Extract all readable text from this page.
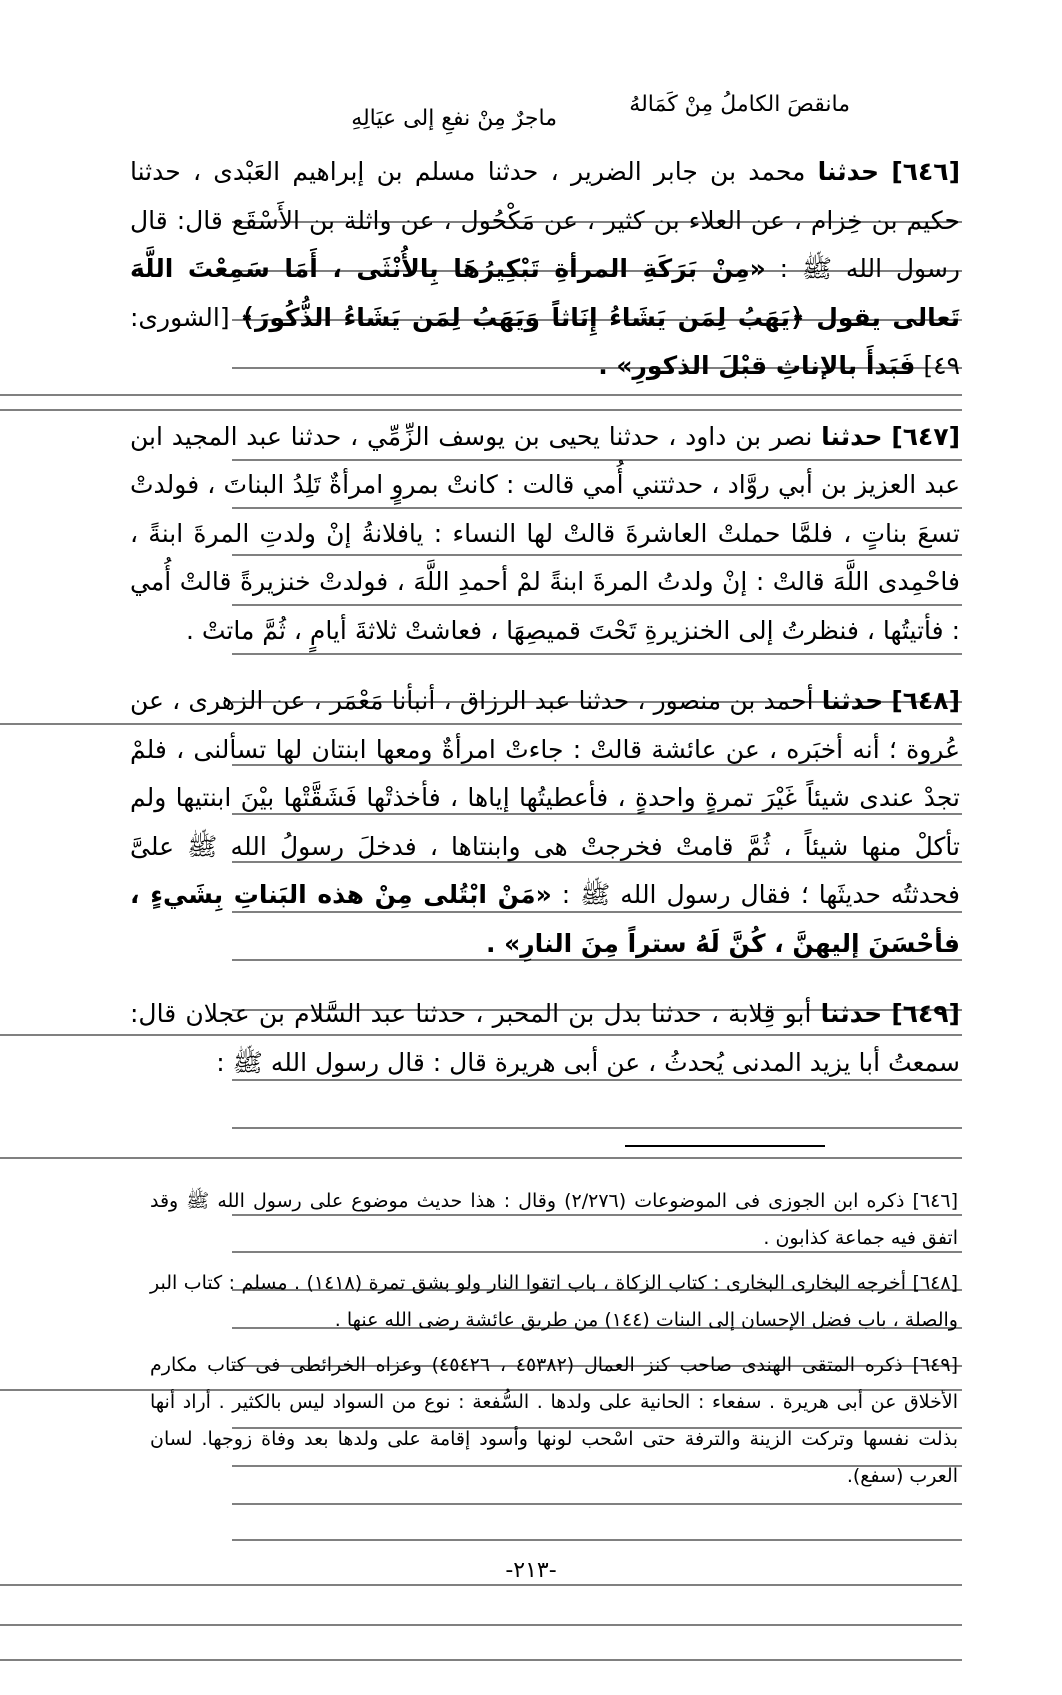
مانقصَ الكاملُ مِنْ كَمَالهُ
ماجرٌ مِنْ نفعِ إلى عيَالِهِ

[٦٤٦] حدثنا محمد بن جابر الضرير ، حدثنا مسلم بن إبراهيم العَبْدى ، حدثنا حكيم بن خِزام ، عن العلاء بن كثير ، عن مَكْحُول ، عن واثلة بن الأَسْقَع قال: قال رسول الله ﷺ : «مِنْ بَرَكَةِ المرأةِ تَبْكِيرُهَا بِالأُنْثَى ، أَمَا سَمِعْتَ اللَّهَ تَعالى يقول ﴿يَهَبُ لِمَن يَشَاءُ إِنَاثاً وَيَهَبُ لِمَن يَشَاءُ الذُّكُورَ﴾ [الشورى: ٤٩] فَبَدأَ بالإناثِ قبْلَ الذكورِ» .

[٦٤٧] حدثنا نصر بن داود ، حدثنا يحيى بن يوسف الزِّمِّي ، حدثنا عبد المجيد ابن عبد العزيز بن أبي روَّاد ، حدثتني أُمي قالت : كانتْ بمروٍ امرأةٌ تَلِدُ البناتَ ، فولدتْ تسعَ بناتٍ ، فلمَّا حملتْ العاشرةَ قالتْ لها النساء : يافلانةُ إنْ ولدتِ المرةَ ابنةً ، فاحْمِدى اللَّهَ قالتْ : إنْ ولدتُ المرةَ ابنةً لمْ أحمدِ اللَّهَ ، فولدتْ خنزيرةً قالتْ أُمي : فأتيتُها ، فنظرتُ إلى الخنزيرةِ تَحْتَ قميصِهَا ، فعاشتْ ثلاثةَ أيامٍ ، ثُمَّ ماتتْ .

[٦٤٨] حدثنا أحمد بن منصور ، حدثنا عبد الرزاق ، أنبأنا مَعْمَر ، عن الزهرى ، عن عُروة ؛ أنه أخبَره ، عن عائشة قالتْ : جاءتْ امرأةٌ ومعها ابنتان لها تسألنى ، فلمْ تجدْ عندى شيئاً غَيْرَ تمرةٍ واحدةٍ ، فأعطيتُها إياها ، فأخذتْها فَشَقَّتْها بيْنَ ابنتيها ولم تأكلْ منها شيئاً ، ثُمَّ قامتْ فخرجتْ هى وابنتاها ، فدخلَ رسولُ الله ﷺ علىَّ فحدثتُه حديثَها ؛ فقال رسول الله ﷺ : «مَنْ ابْتُلى مِنْ هذه البَناتِ بِشَيءٍ ، فأحْسَنَ إليهنَّ ، كُنَّ لَهُ ستراً مِنَ النارِ» .

[٦٤٩] حدثنا أبو قِلابة ، حدثنا بدل بن المحبر ، حدثنا عبد السَّلام بن عجلان قال: سمعتُ أبا يزيد المدنى يُحدثُ ، عن أبى هريرة قال : قال رسول الله ﷺ :

[٦٤٦] ذكره ابن الجوزى فى الموضوعات (٢/٢٧٦) وقال : هذا حديث موضوع على رسول الله ﷺ وقد اتفق فيه جماعة كذابون .

[٦٤٨] أخرجه البخارى البخارى : كتاب الزكاة ، باب اتقوا النار ولو بشق تمرة (١٤١٨) . مسلم : كتاب البر والصلة ، باب فضل الإحسان إلى البنات (١٤٤) من طريق عائشة رضى الله عنها .

[٦٤٩] ذكره المتقى الهندى صاحب كنز العمال (٤٥٣٨٢ ، ٤٥٤٢٦) وعزاه الخرائطى فى كتاب مكارم الأخلاق عن أبى هريرة . سفعاء : الحانية على ولدها . السُّفعة : نوع من السواد ليس بالكثير . أراد أنها بذلت نفسها وتركت الزينة والترفة حتى اسْحب لونها وأسود إقامة على ولدها بعد وفاة زوجها. لسان العرب (سفع).

-٢١٣-
